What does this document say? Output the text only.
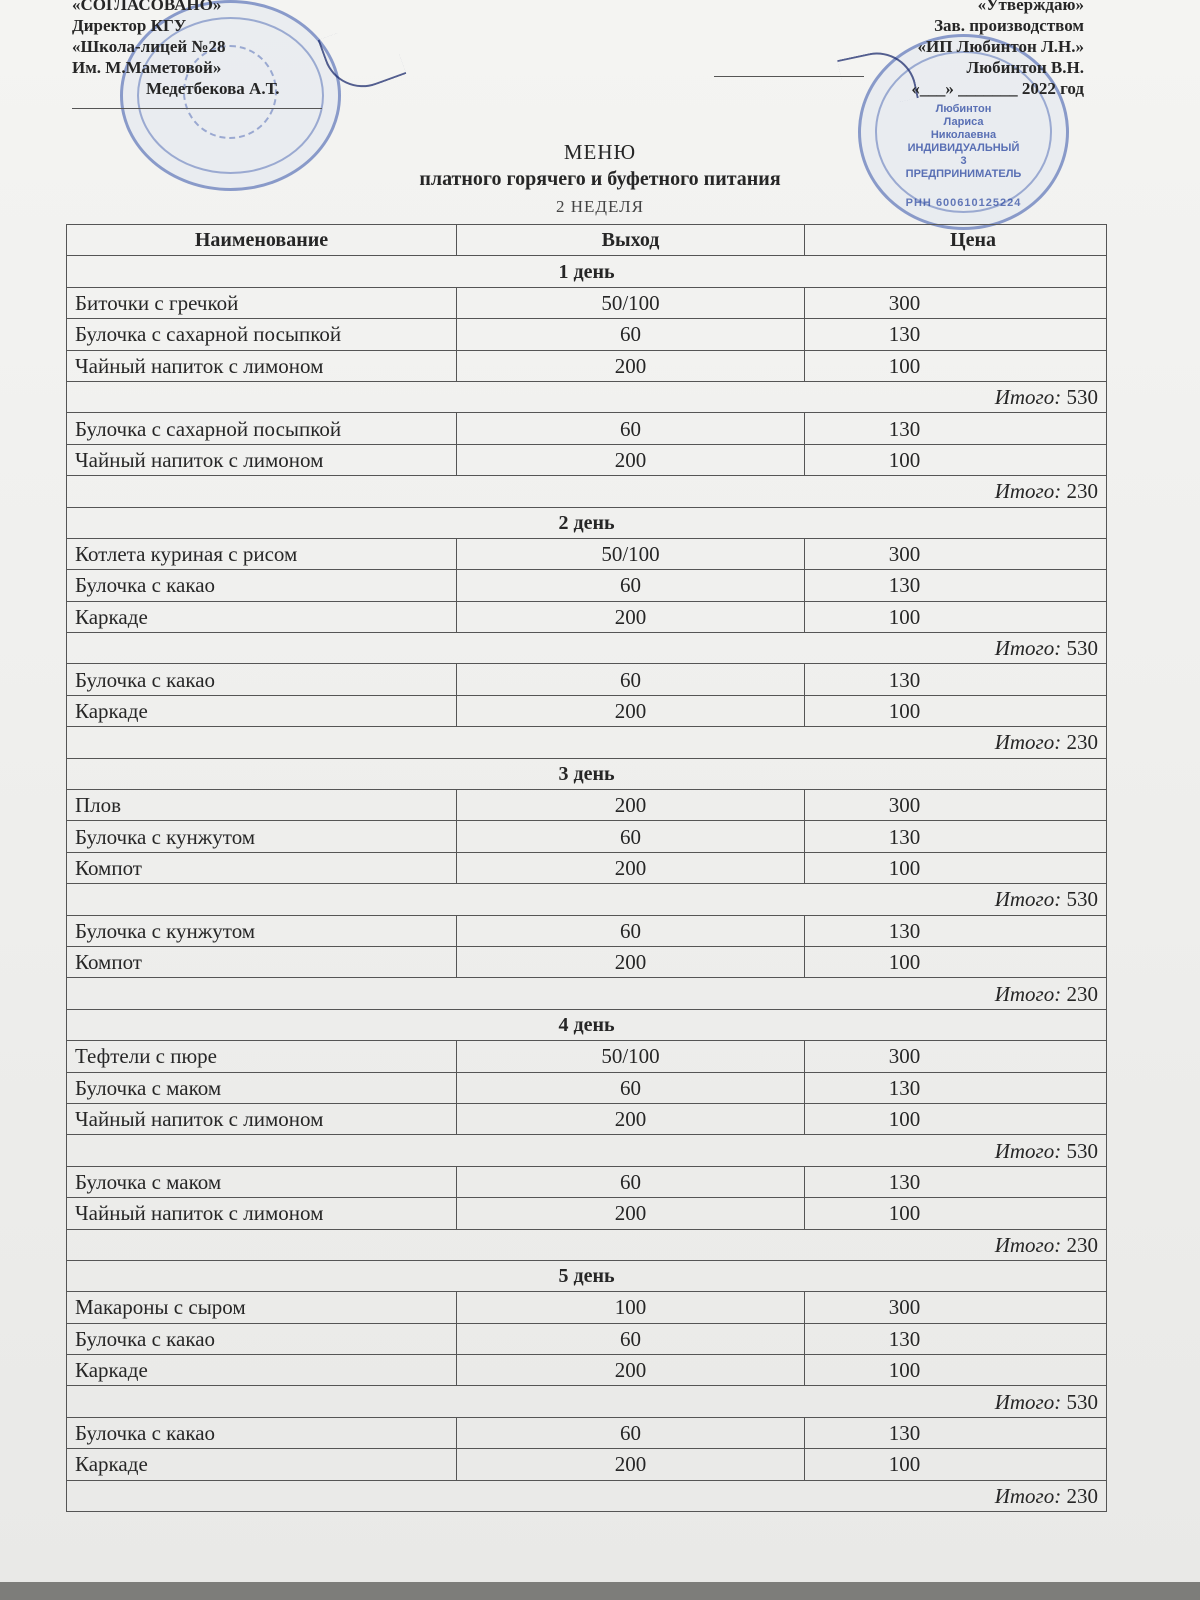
Любинтон
Лариса
Николаевна
ИНДИВИДУАЛЬНЫЙ
3
ПРЕДПРИНИМАТЕЛЬ
РНН 600610125224
«СОГЛАСОВАНО»
Директор КГУ
«Школа-лицей №28
Им. М.Маметовой»
Медетбекова А.Т.
«Утверждаю»
Зав. производством
«ИП Любинтон Л.Н.»
Любинтон В.Н.
«___» _______ 2022 год
МЕНЮ
платного горячего и буфетного питания
2 НЕДЕЛЯ
Наименование	Выход	Цена
1 день		
Биточки с гречкой	50/100	300
Булочка с сахарной посыпкой	60	130
Чайный напиток с лимоном	200	100
Итого: 530		
Булочка с сахарной посыпкой	60	130
Чайный напиток с лимоном	200	100
Итого: 230		
2 день		
Котлета куриная с рисом	50/100	300
Булочка с какао	60	130
Каркаде	200	100
Итого: 530		
Булочка с какао	60	130
Каркаде	200	100
Итого: 230		
3 день		
Плов	200	300
Булочка с кунжутом	60	130
Компот	200	100
Итого: 530		
Булочка с кунжутом	60	130
Компот	200	100
Итого: 230		
4 день		
Тефтели с пюре	50/100	300
Булочка с маком	60	130
Чайный напиток с лимоном	200	100
Итого: 530		
Булочка с маком	60	130
Чайный напиток с лимоном	200	100
Итого: 230		
5 день		
Макароны с сыром	100	300
Булочка с какао	60	130
Каркаде	200	100
Итого: 530		
Булочка с какао	60	130
Каркаде	200	100
Итого: 230		
